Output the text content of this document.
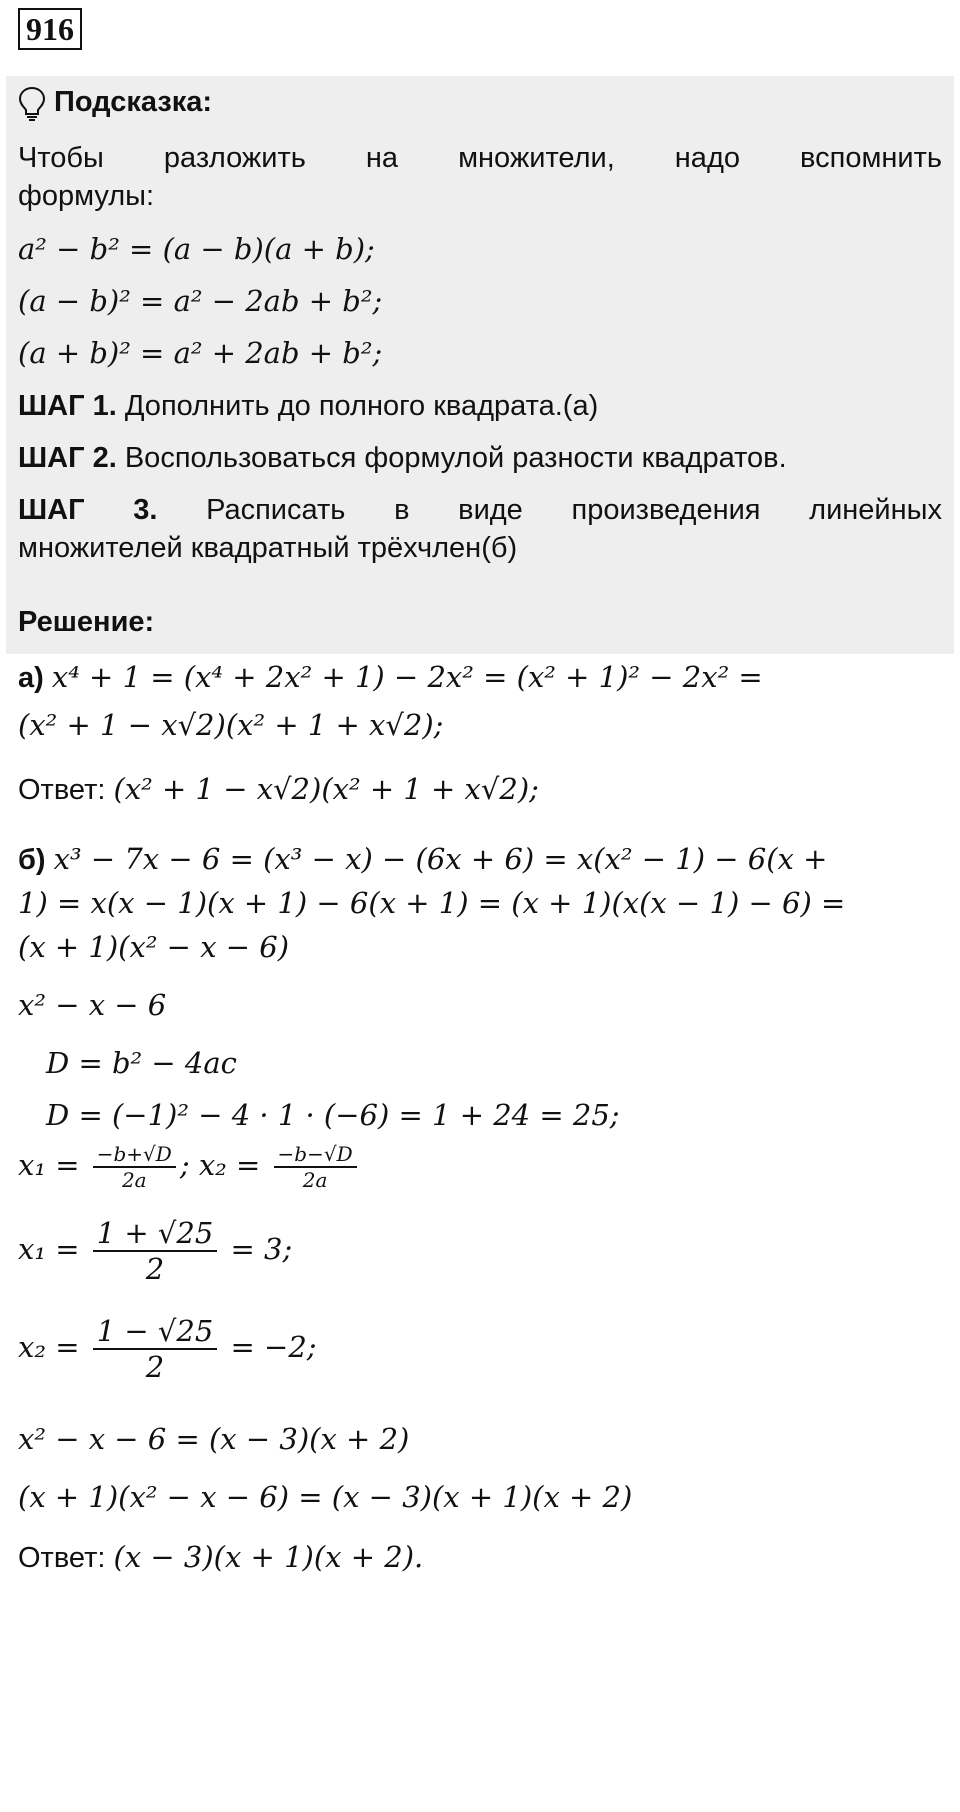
916
Подсказка:
Чтобы разложить на множители, надо вспомнить
формулы:
a² − b² = (a − b)(a + b);
(a − b)² = a² − 2ab + b²;
(a + b)² = a² + 2ab + b²;
ШАГ 1. Дополнить до полного квадрата.(а)
ШАГ 2. Воспользоваться формулой разности квадратов.
ШАГ 3. Расписать в виде произведения линейных
множителей квадратный трёхчлен(б)
Решение:
а) x⁴ + 1 = (x⁴ + 2x² + 1) − 2x² = (x² + 1)² − 2x² =
(x² + 1 − x√2)(x² + 1 + x√2);
Ответ: (x² + 1 − x√2)(x² + 1 + x√2);
б) x³ − 7x − 6 = (x³ − x) − (6x + 6) = x(x² − 1) − 6(x +
1) = x(x − 1)(x + 1) − 6(x + 1) = (x + 1)(x(x − 1) − 6) =
(x + 1)(x² − x − 6)
x² − x − 6
D = b² − 4ac
D = (−1)² − 4 · 1 · (−6) = 1 + 24 = 25;
$x_1 = \frac{-b+√D}{2a}$ ; $x_2 = \frac{-b-√D}{2a}$
$x_1 = \frac{1 + √25}{2} = 3$;
$x_2 = \frac{1 - √25}{2} = -2$;
x² − x − 6 = (x − 3)(x + 2)
(x + 1)(x² − x − 6) = (x − 3)(x + 1)(x + 2)
Ответ: (x − 3)(x + 1)(x + 2).
